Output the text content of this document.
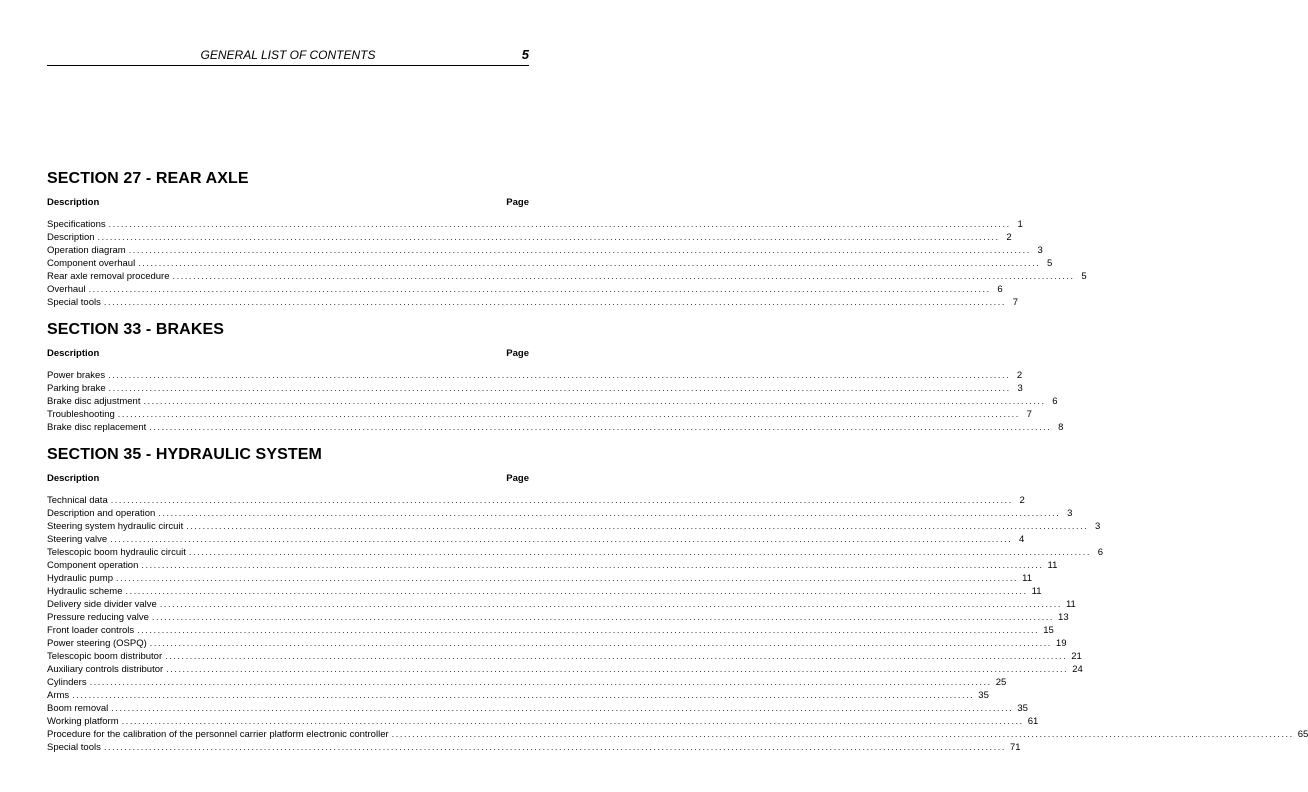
GENERAL LIST OF CONTENTS	5
SECTION 27 - REAR AXLE
Description	Page
Specifications ............................................................................................................................................................................................................................ 1
Description ............................................................................................................................................................................................................................ 2
Operation diagram ............................................................................................................................................................................................................................ 3
Component overhaul ............................................................................................................................................................................................................................ 5
Rear axle removal procedure ............................................................................................................................................................................................................................ 5
Overhaul ............................................................................................................................................................................................................................ 6
Special tools ............................................................................................................................................................................................................................ 7
SECTION 33 - BRAKES
Description	Page
Power brakes ............................................................................................................................................................................................................................ 2
Parking brake ............................................................................................................................................................................................................................ 3
Brake disc adjustment ............................................................................................................................................................................................................................ 6
Troubleshooting ............................................................................................................................................................................................................................ 7
Brake disc replacement ............................................................................................................................................................................................................................ 8
SECTION 35 - HYDRAULIC SYSTEM
Description	Page
Technical data ............................................................................................................................................................................................................................ 2
Description and operation ............................................................................................................................................................................................................................ 3
Steering system hydraulic circuit ............................................................................................................................................................................................................................ 3
Steering valve ............................................................................................................................................................................................................................ 4
Telescopic boom hydraulic circuit ............................................................................................................................................................................................................................ 6
Component operation ............................................................................................................................................................................................................................ 11
Hydraulic pump ............................................................................................................................................................................................................................ 11
Hydraulic scheme ............................................................................................................................................................................................................................ 11
Delivery side divider valve ............................................................................................................................................................................................................................ 11
Pressure reducing valve ............................................................................................................................................................................................................................ 13
Front loader controls ............................................................................................................................................................................................................................ 15
Power steering (OSPQ) ............................................................................................................................................................................................................................ 19
Telescopic boom distributor ............................................................................................................................................................................................................................ 21
Auxiliary controls distributor ............................................................................................................................................................................................................................ 24
Cylinders ............................................................................................................................................................................................................................ 25
Arms ............................................................................................................................................................................................................................ 35
Boom removal ............................................................................................................................................................................................................................ 35
Working platform ............................................................................................................................................................................................................................ 61
Procedure for the calibration of the personnel carrier platform electronic controller ............................................................................................................................................................................................................................ 65
Special tools ............................................................................................................................................................................................................................ 71
